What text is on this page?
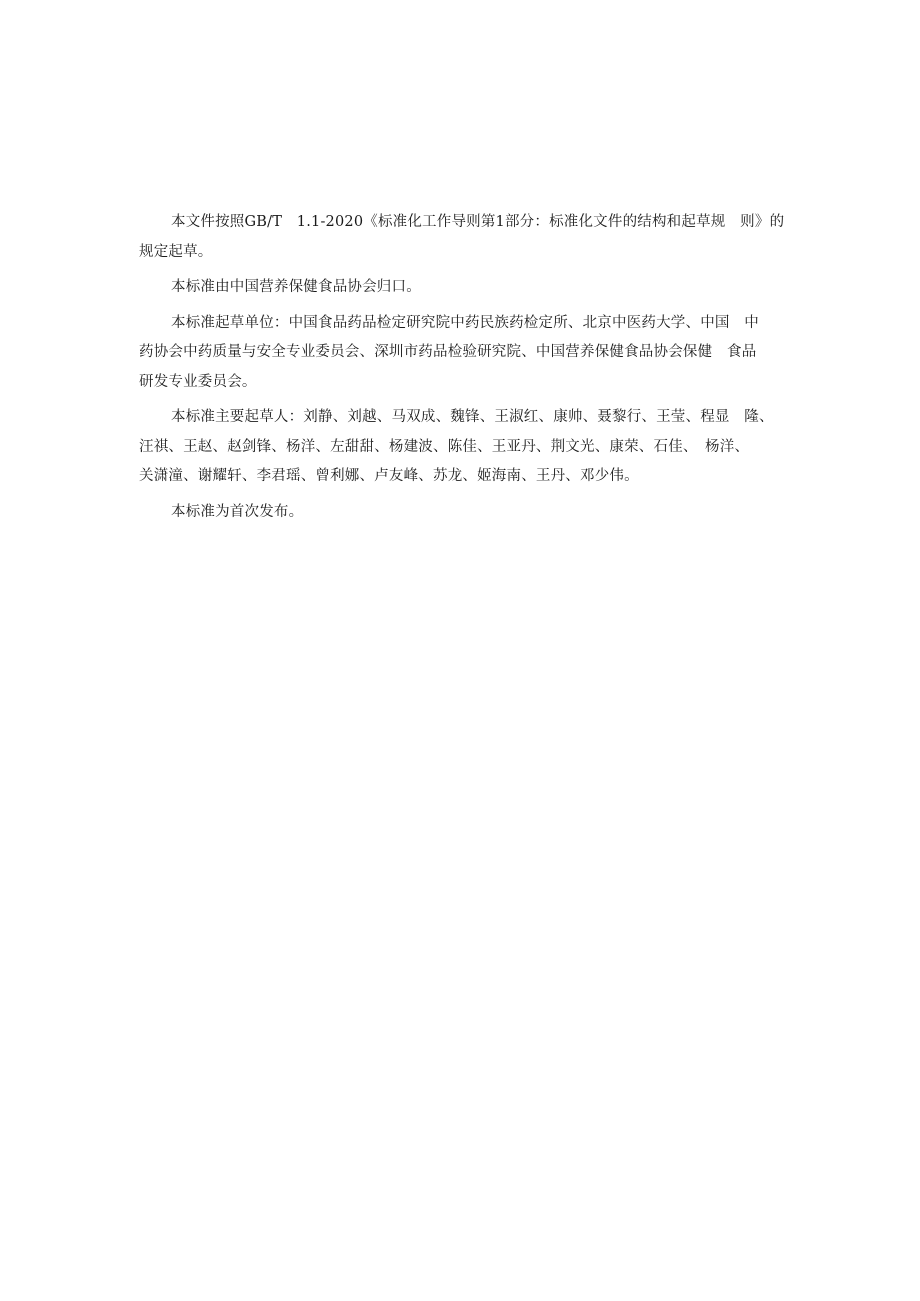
本文件按照GB/T　1.1-2020《标准化工作导则第1部分：标准化文件的结构和起草规　则》的
规定起草。

本标准由中国营养保健食品协会归口。

本标准起草单位：中国食品药品检定研究院中药民族药检定所、北京中医药大学、中国　中
药协会中药质量与安全专业委员会、深圳市药品检验研究院、中国营养保健食品协会保健　食品
研发专业委员会。

本标准主要起草人：刘静、刘越、马双成、魏锋、王淑红、康帅、聂黎行、王莹、程显　隆、
汪祺、王赵、赵剑锋、杨洋、左甜甜、杨建波、陈佳、王亚丹、荆文光、康荣、石佳、　杨洋、
关潇潼、谢耀轩、李君瑶、曾利娜、卢友峰、苏龙、姬海南、王丹、邓少伟。

本标准为首次发布。
